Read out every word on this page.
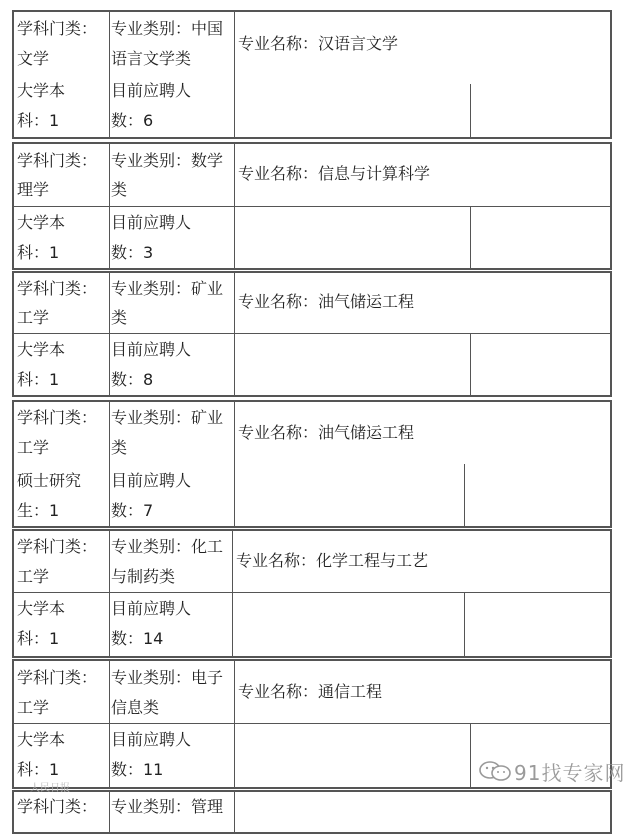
学科门类：
文学
大学本
科：1
专业类别：中国
语言文学类
目前应聘人
数：6
专业名称：汉语言文学
学科门类：
理学
大学本
科：1
专业类别：数学
类
目前应聘人
数：3
专业名称：信息与计算科学
学科门类：
工学
大学本
科：1
专业类别：矿业
类
目前应聘人
数：8
专业名称：油气储运工程
学科门类：
工学
硕士研究
生：1
专业类别：矿业
类
目前应聘人
数：7
专业名称：油气储运工程
学科门类：
工学
大学本
科：1
专业类别：化工
与制药类
目前应聘人
数：14
专业名称：化学工程与工艺
学科门类：
工学
大学本
科：1
专业类别：电子
信息类
目前应聘人
数：11
专业名称：通信工程
学科门类： 专业类别：管理
人民日报
91找专家网
